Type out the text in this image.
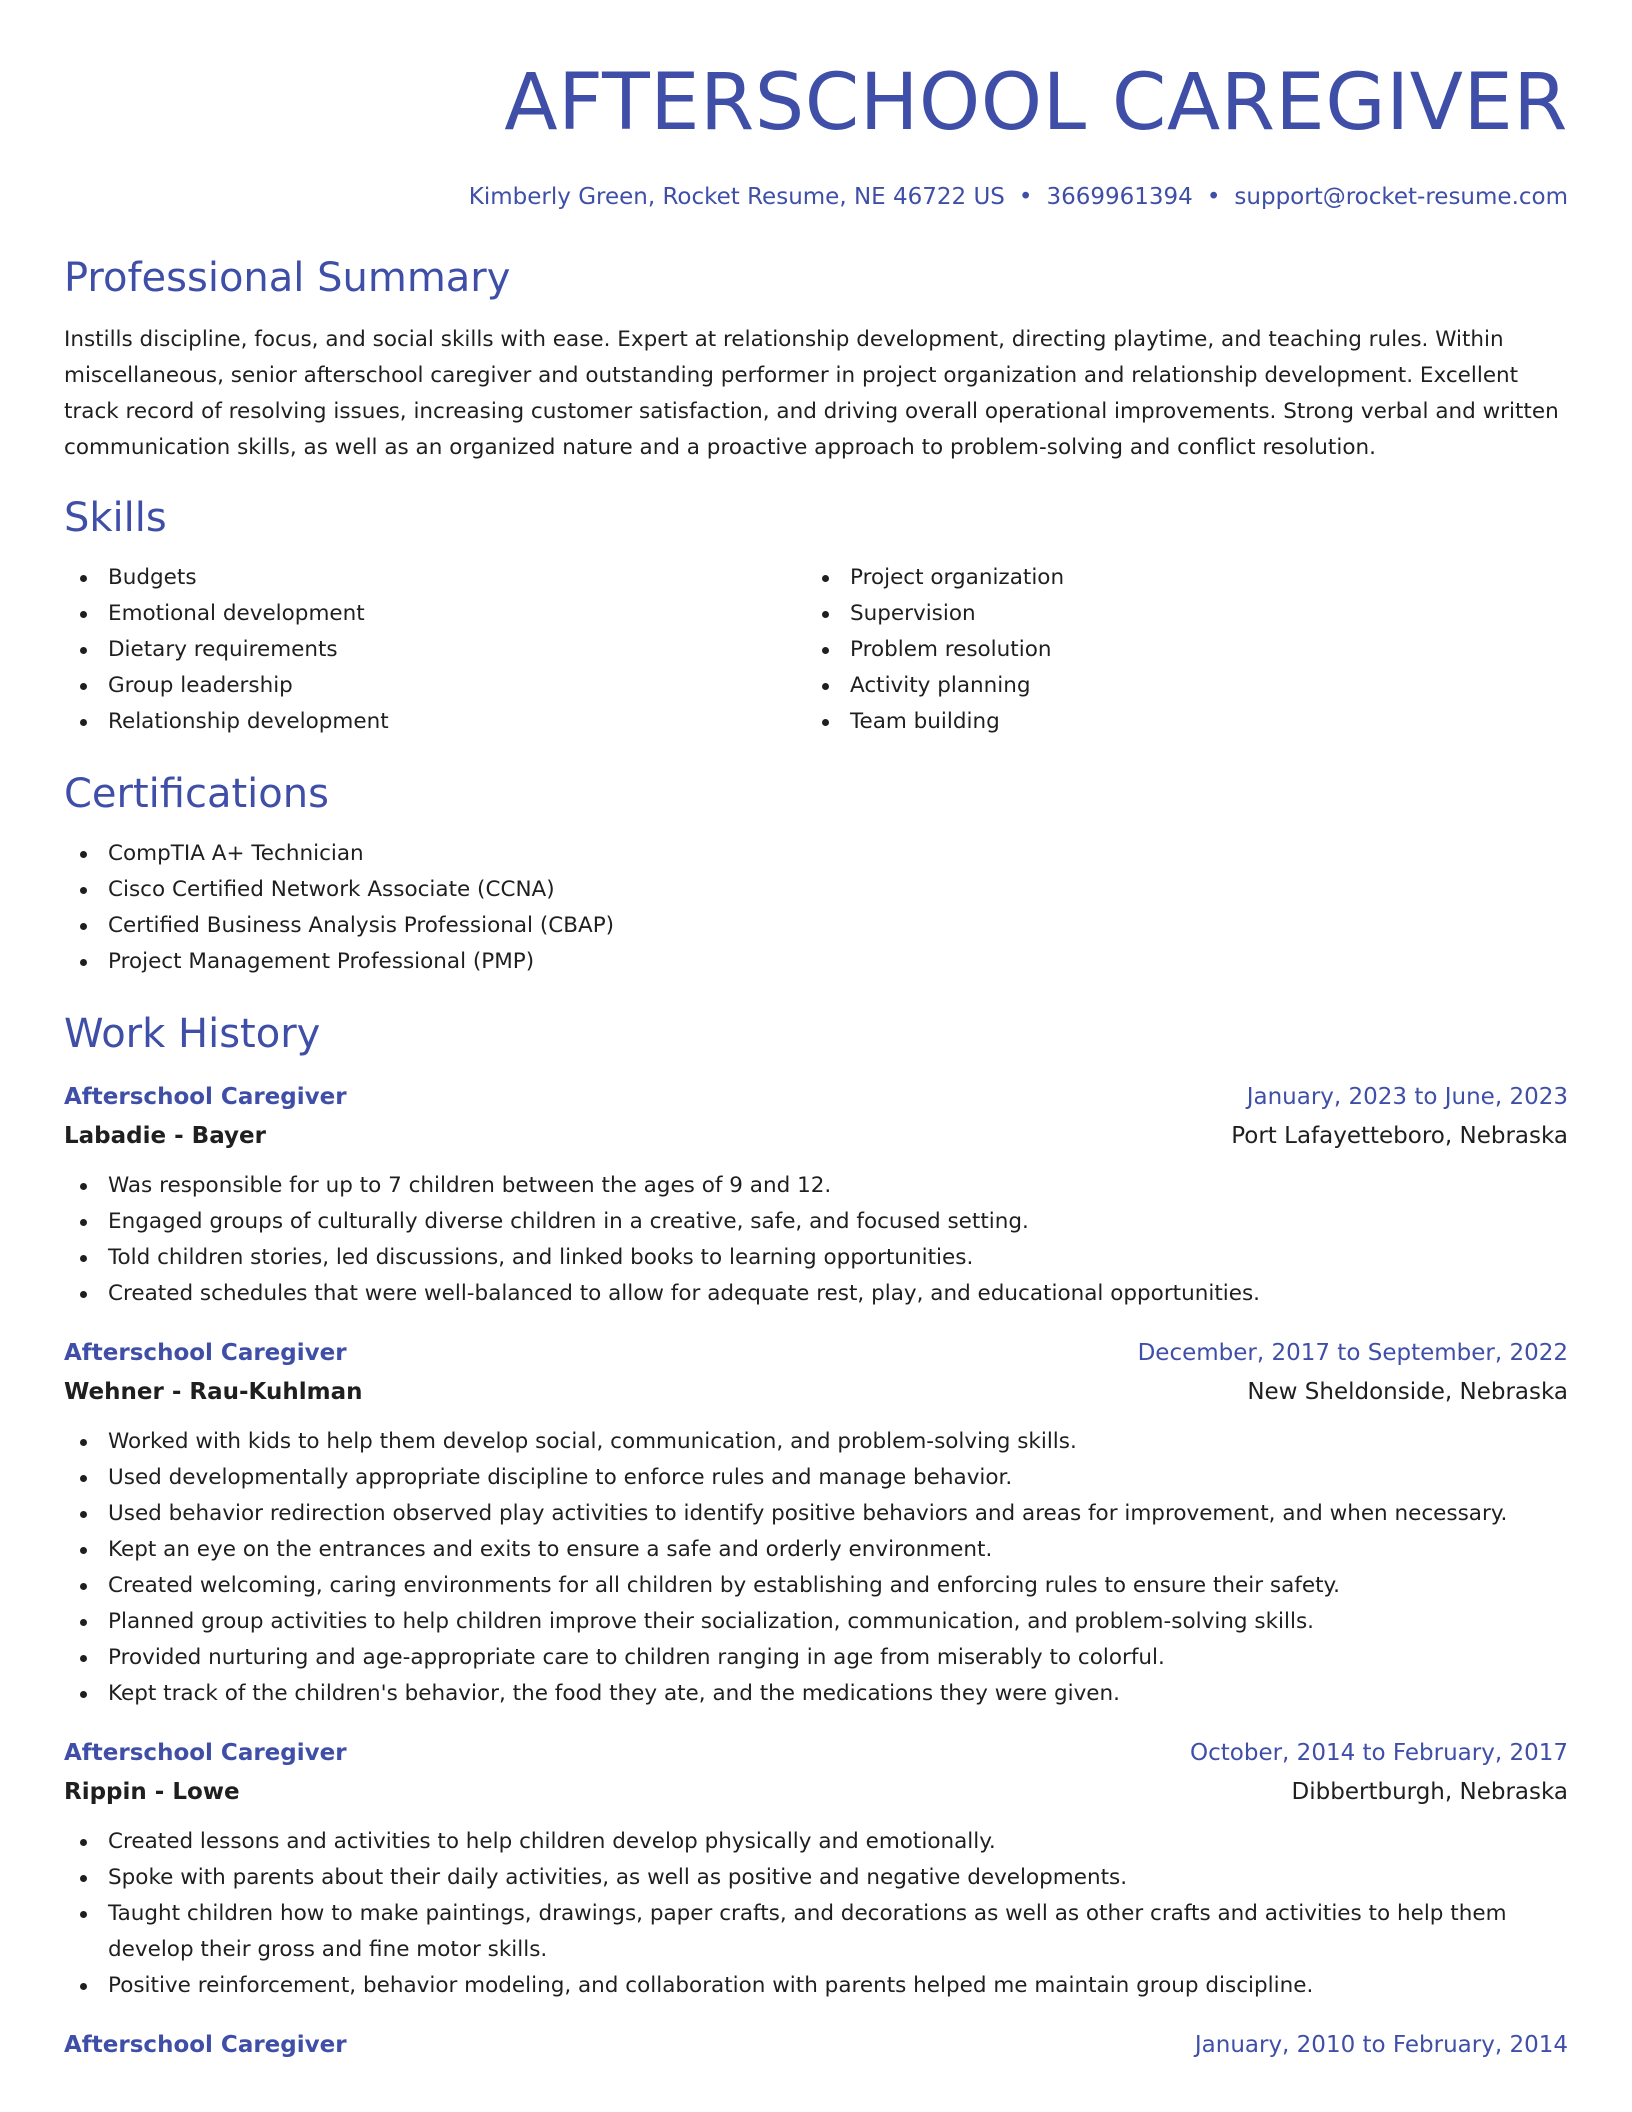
AFTERSCHOOL CAREGIVER
Kimberly Green, Rocket Resume, NE 46722 US • 3669961394 • support@rocket-resume.com
Professional Summary
Instills discipline, focus, and social skills with ease. Expert at relationship development, directing playtime, and teaching rules. Within miscellaneous, senior afterschool caregiver and outstanding performer in project organization and relationship development. Excellent track record of resolving issues, increasing customer satisfaction, and driving overall operational improvements. Strong verbal and written communication skills, as well as an organized nature and a proactive approach to problem-solving and conflict resolution.
Skills
Budgets
Emotional development
Dietary requirements
Group leadership
Relationship development
Project organization
Supervision
Problem resolution
Activity planning
Team building
Certifications
CompTIA A+ Technician
Cisco Certified Network Associate (CCNA)
Certified Business Analysis Professional (CBAP)
Project Management Professional (PMP)
Work History
Afterschool Caregiver	January, 2023 to June, 2023
Labadie - Bayer	Port Lafayetteboro, Nebraska
Was responsible for up to 7 children between the ages of 9 and 12.
Engaged groups of culturally diverse children in a creative, safe, and focused setting.
Told children stories, led discussions, and linked books to learning opportunities.
Created schedules that were well-balanced to allow for adequate rest, play, and educational opportunities.
Afterschool Caregiver	December, 2017 to September, 2022
Wehner - Rau-Kuhlman	New Sheldonside, Nebraska
Worked with kids to help them develop social, communication, and problem-solving skills.
Used developmentally appropriate discipline to enforce rules and manage behavior.
Used behavior redirection observed play activities to identify positive behaviors and areas for improvement, and when necessary.
Kept an eye on the entrances and exits to ensure a safe and orderly environment.
Created welcoming, caring environments for all children by establishing and enforcing rules to ensure their safety.
Planned group activities to help children improve their socialization, communication, and problem-solving skills.
Provided nurturing and age-appropriate care to children ranging in age from miserably to colorful.
Kept track of the children's behavior, the food they ate, and the medications they were given.
Afterschool Caregiver	October, 2014 to February, 2017
Rippin - Lowe	Dibbertburgh, Nebraska
Created lessons and activities to help children develop physically and emotionally.
Spoke with parents about their daily activities, as well as positive and negative developments.
Taught children how to make paintings, drawings, paper crafts, and decorations as well as other crafts and activities to help them develop their gross and fine motor skills.
Positive reinforcement, behavior modeling, and collaboration with parents helped me maintain group discipline.
Afterschool Caregiver	January, 2010 to February, 2014
